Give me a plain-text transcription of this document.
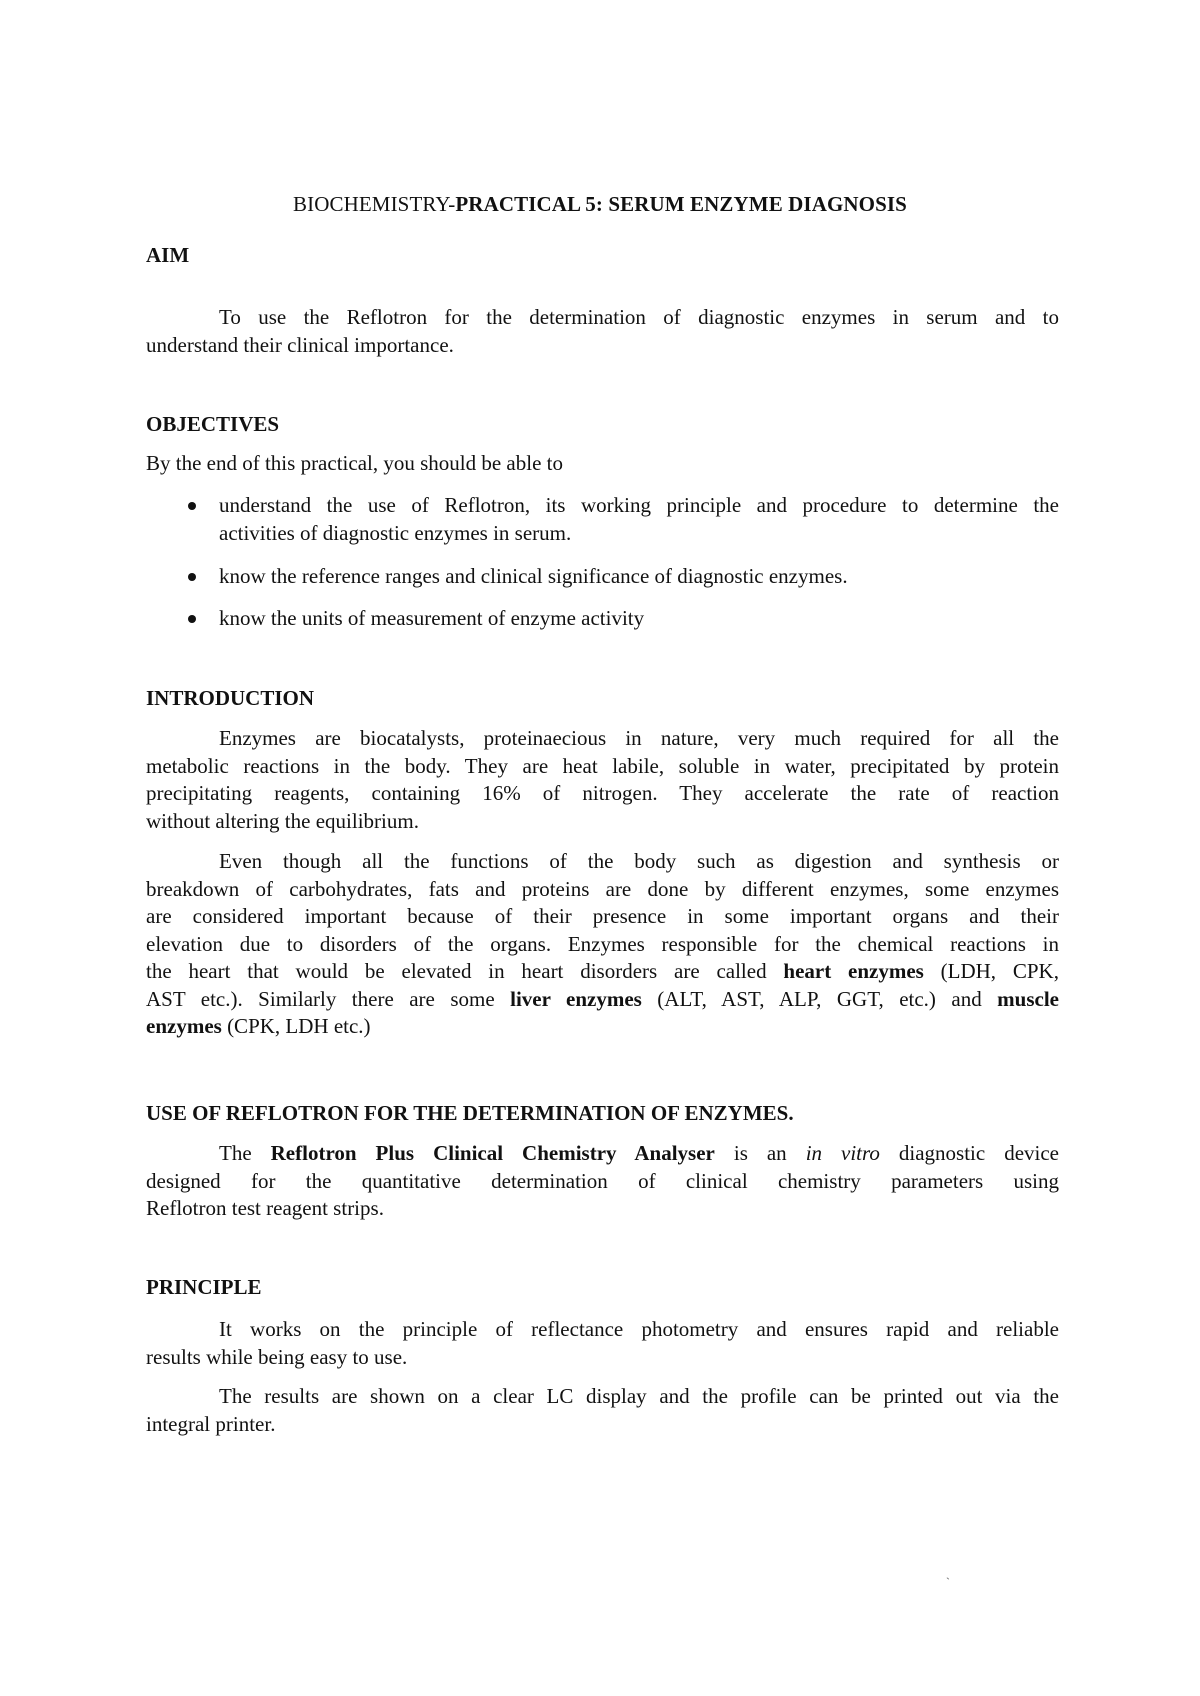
BIOCHEMISTRY-PRACTICAL 5: SERUM ENZYME DIAGNOSIS
AIM
To use the Reflotron for the determination of diagnostic enzymes in serum and to
understand their clinical importance.
OBJECTIVES
By the end of this practical, you should be able to
understand the use of Reflotron, its working principle and procedure to determine the
activities of diagnostic enzymes in serum.
know the reference ranges and clinical significance of diagnostic enzymes.
know the units of measurement of enzyme activity
INTRODUCTION
Enzymes are biocatalysts, proteinaecious in nature, very much required for all the
metabolic reactions in the body. They are heat labile, soluble in water, precipitated by protein
precipitating reagents, containing 16% of nitrogen. They accelerate the rate of reaction
without altering the equilibrium.
Even though all the functions of the body such as digestion and synthesis or
breakdown of carbohydrates, fats and proteins are done by different enzymes, some enzymes
are considered important because of their presence in some important organs and their
elevation due to disorders of the organs. Enzymes responsible for the chemical reactions in
the heart that would be elevated in heart disorders are called heart enzymes (LDH, CPK,
AST etc.). Similarly there are some liver enzymes (ALT, AST, ALP, GGT, etc.) and muscle
enzymes (CPK, LDH etc.)
USE OF REFLOTRON FOR THE DETERMINATION OF ENZYMES.
The Reflotron Plus Clinical Chemistry Analyser is an in vitro diagnostic device
designed for the quantitative determination of clinical chemistry parameters using
Reflotron test reagent strips.
PRINCIPLE
It works on the principle of reflectance photometry and ensures rapid and reliable
results while being easy to use.
The results are shown on a clear LC display and the profile can be printed out via the
integral printer.
ˎ
